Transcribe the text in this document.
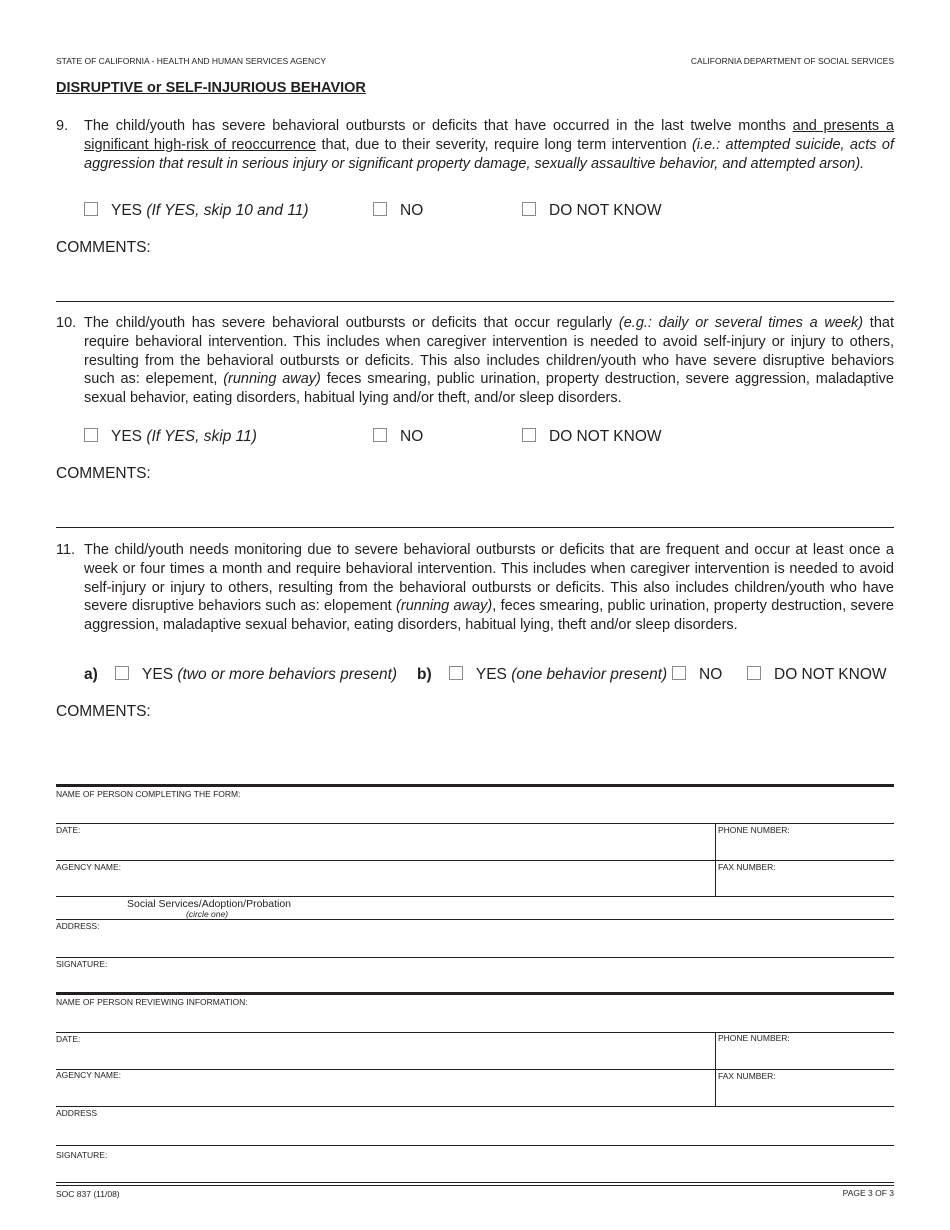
STATE OF CALIFORNIA - HEALTH AND HUMAN SERVICES AGENCY	CALIFORNIA DEPARTMENT OF SOCIAL SERVICES
DISRUPTIVE or SELF-INJURIOUS BEHAVIOR
9. The child/youth has severe behavioral outbursts or deficits that have occurred in the last twelve months and presents a significant high-risk of reoccurrence that, due to their severity, require long term intervention (i.e.: attempted suicide, acts of aggression that result in serious injury or significant property damage, sexually assaultive behavior, and attempted arson).
YES (If YES, skip 10 and 11)	NO	DO NOT KNOW
COMMENTS:
10. The child/youth has severe behavioral outbursts or deficits that occur regularly (e.g.: daily or several times a week) that require behavioral intervention. This includes when caregiver intervention is needed to avoid self-injury or injury to others, resulting from the behavioral outbursts or deficits. This also includes children/youth who have severe disruptive behaviors such as: elepement, (running away) feces smearing, public urination, property destruction, severe aggression, maladaptive sexual behavior, eating disorders, habitual lying and/or theft, and/or sleep disorders.
YES (If YES, skip 11)	NO	DO NOT KNOW
COMMENTS:
11. The child/youth needs monitoring due to severe behavioral outbursts or deficits that are frequent and occur at least once a week or four times a month and require behavioral intervention. This includes when caregiver intervention is needed to avoid self-injury or injury to others, resulting from the behavioral outbursts or deficits. This also includes children/youth who have severe disruptive behaviors such as: elopement (running away), feces smearing, public urination, property destruction, severe aggression, maladaptive sexual behavior, eating disorders, habitual lying, theft and/or sleep disorders.
a)	YES (two or more behaviors present) b)	YES (one behavior present)	NO	DO NOT KNOW
COMMENTS:
NAME OF PERSON COMPLETING THE FORM:
DATE:	PHONE NUMBER:
AGENCY NAME:	FAX NUMBER:
Social Services/Adoption/Probation
(circle one)
ADDRESS:
SIGNATURE:
NAME OF PERSON REVIEWING INFORMATION:
DATE:	PHONE NUMBER:
AGENCY NAME:	FAX NUMBER:
ADDRESS
SIGNATURE:
SOC 837 (11/08)	PAGE 3 OF 3
